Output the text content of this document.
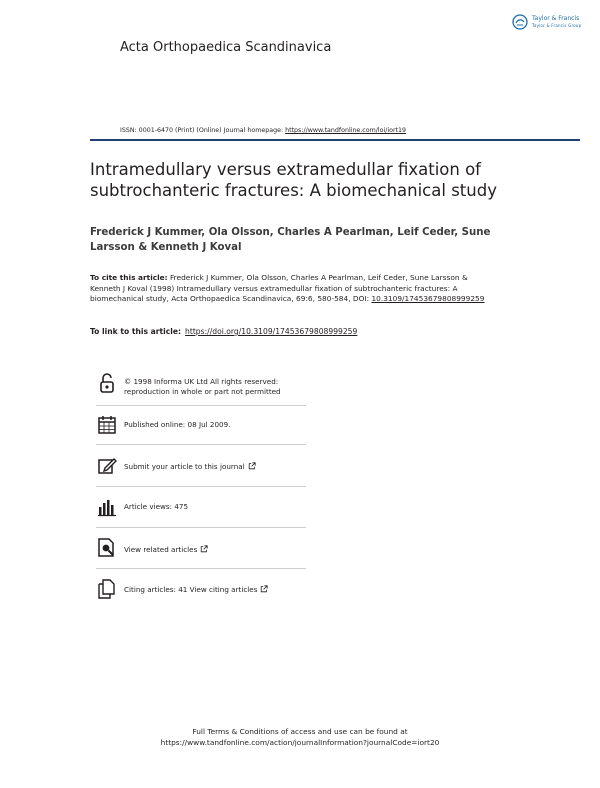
Taylor & Francis
Taylor & Francis Group
Acta Orthopaedica Scandinavica
ISSN: 0001-6470 (Print) (Online) Journal homepage: https://www.tandfonline.com/loi/iort19
Intramedullary versus extramedullar fixation of subtrochanteric fractures: A biomechanical study
Frederick J Kummer, Ola Olsson, Charles A Pearlman, Leif Ceder, Sune Larsson & Kenneth J Koval
To cite this article: Frederick J Kummer, Ola Olsson, Charles A Pearlman, Leif Ceder, Sune Larsson & Kenneth J Koval (1998) Intramedullary versus extramedullar fixation of subtrochanteric fractures: A biomechanical study, Acta Orthopaedica Scandinavica, 69:6, 580-584, DOI: 10.3109/17453679808999259
To link to this article: https://doi.org/10.3109/17453679808999259
© 1998 Informa UK Ltd All rights reserved:
reproduction in whole or part not permitted
Published online: 08 Jul 2009.
Submit your article to this journal
Article views: 475
View related articles
Citing articles: 41 View citing articles
Full Terms & Conditions of access and use can be found at
https://www.tandfonline.com/action/journalInformation?journalCode=iort20
